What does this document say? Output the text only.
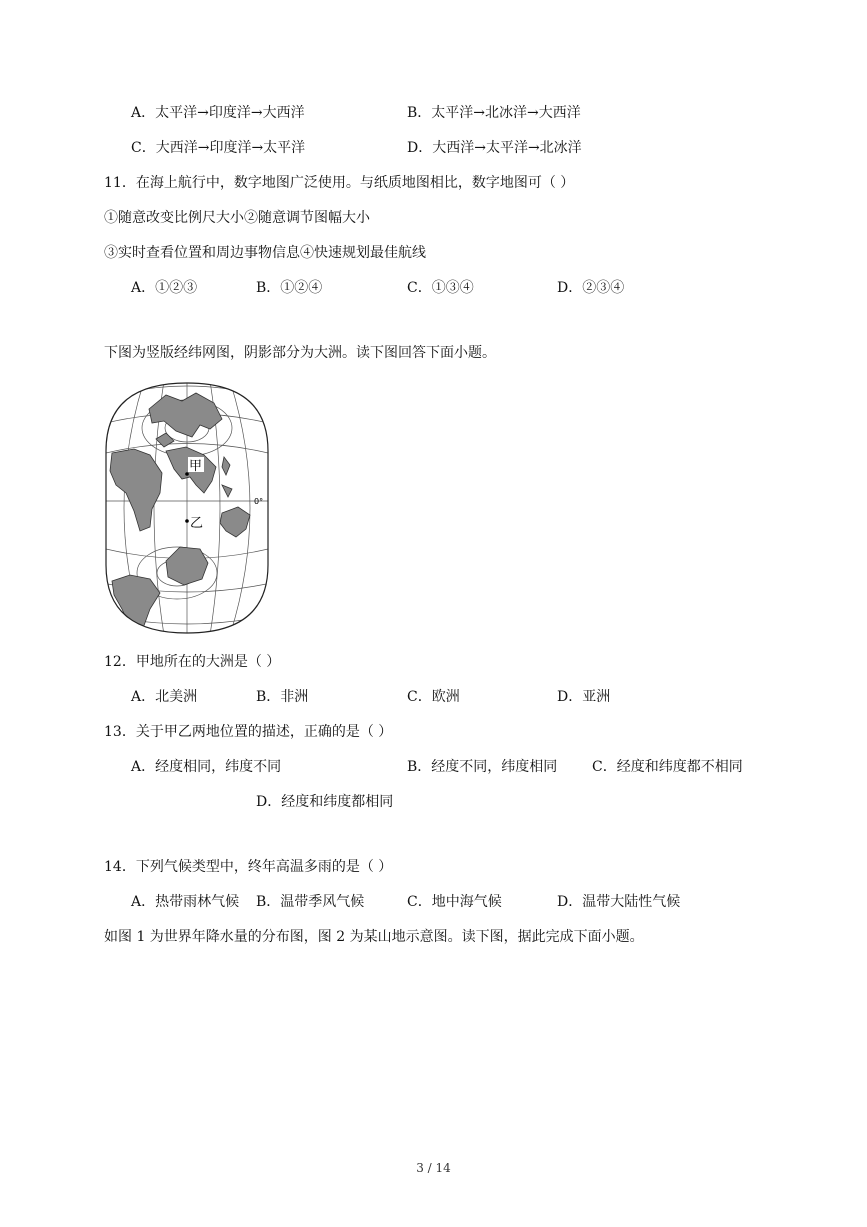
A．太平洋→印度洋→大西洋	B．太平洋→北冰洋→大西洋
C．大西洋→印度洋→太平洋	D．大西洋→太平洋→北冰洋
11．在海上航行中，数字地图广泛使用。与纸质地图相比，数字地图可（ ）
①随意改变比例尺大小②随意调节图幅大小
③实时查看位置和周边事物信息④快速规划最佳航线
A．①②③	B．①②④	C．①③④	D．②③④
下图为竖版经纬网图，阴影部分为大洲。读下图回答下面小题。
甲
乙
0°
12．甲地所在的大洲是（ ）
A．北美洲	B．非洲	C．欧洲	D．亚洲
13．关于甲乙两地位置的描述，正确的是（ ）
A．经度相同，纬度不同	B．经度不同，纬度相同 C．经度和纬度都不相同
D．经度和纬度都相同
14．下列气候类型中，终年高温多雨的是（ ）
A．热带雨林气候 B．温带季风气候	C．地中海气候	D．温带大陆性气候
如图 1 为世界年降水量的分布图，图 2 为某山地示意图。读下图，据此完成下面小题。
3 / 14
